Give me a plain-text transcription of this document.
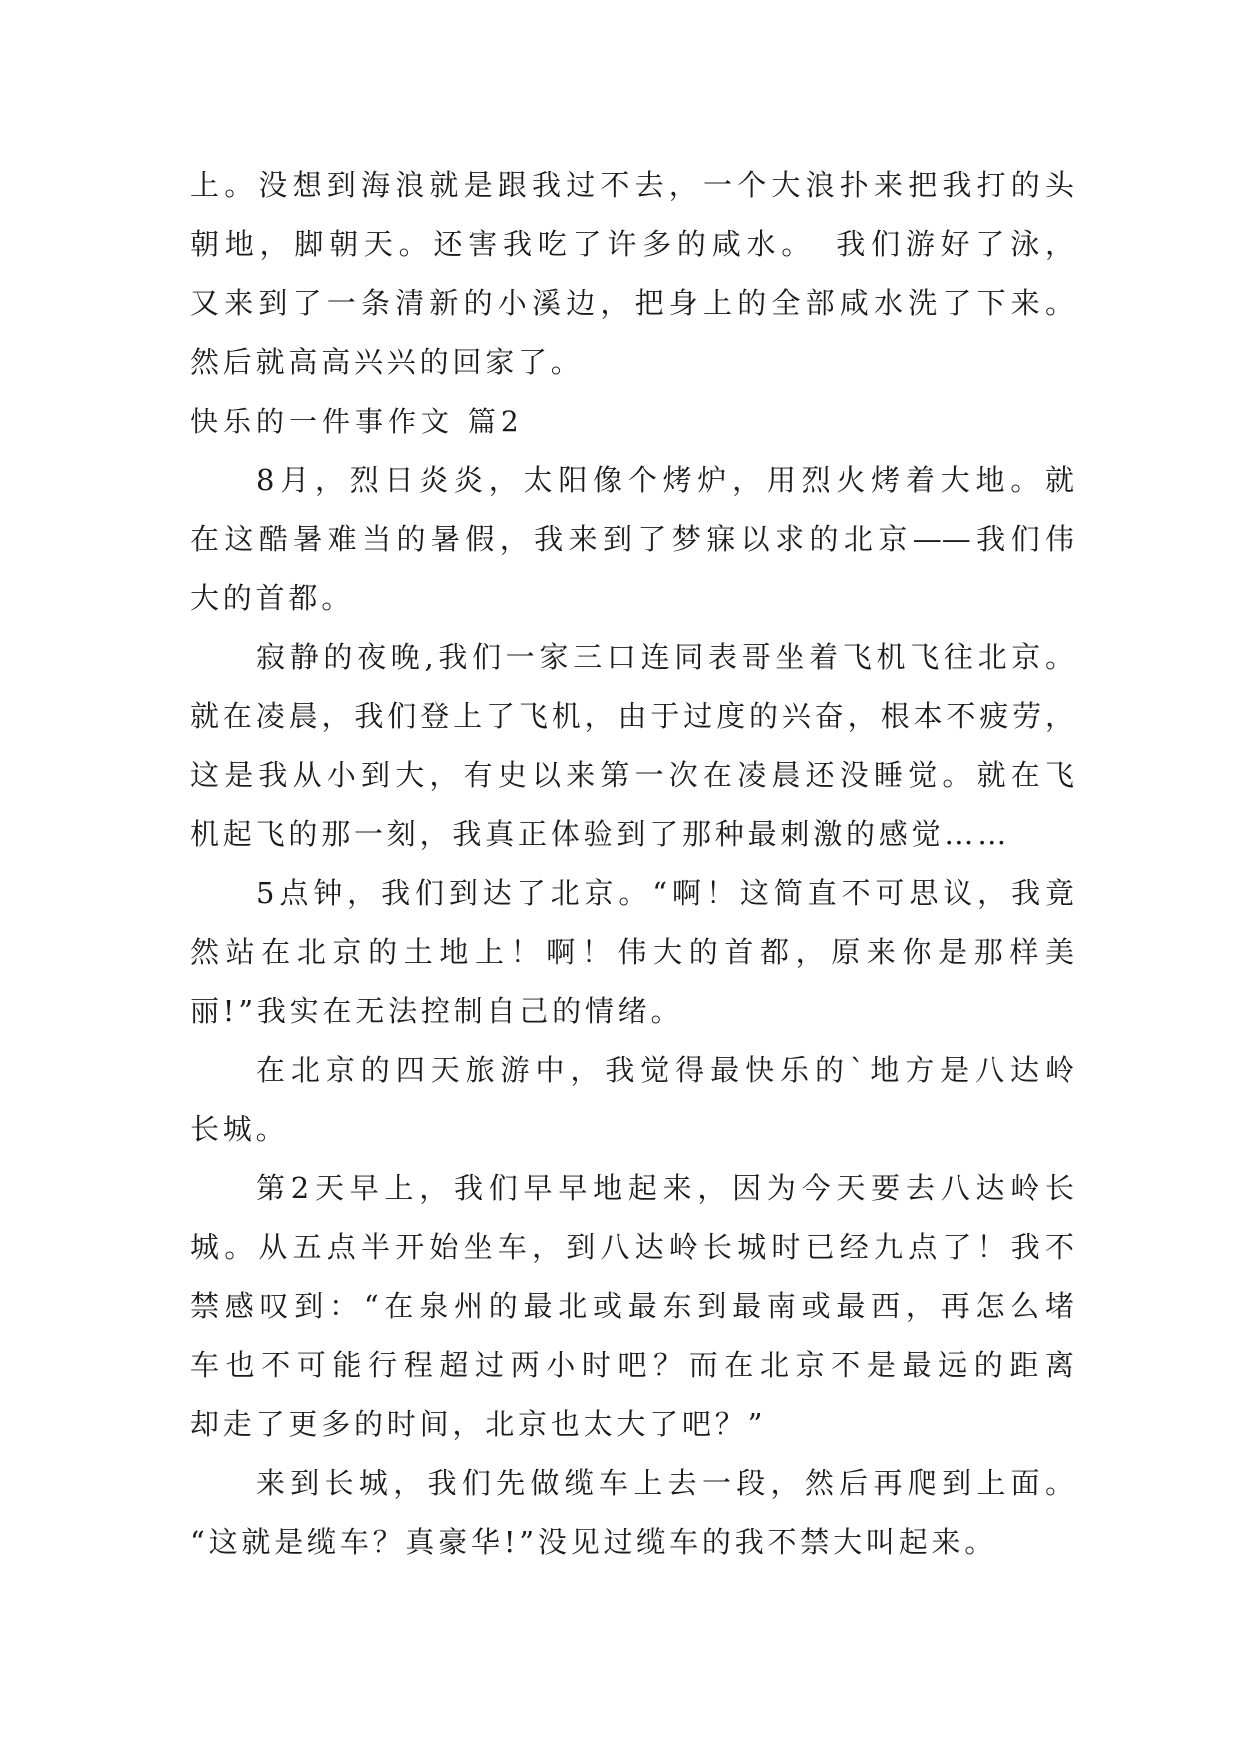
上。没想到海浪就是跟我过不去，一个大浪扑来把我打的头
朝地，脚朝天。还害我吃了许多的咸水。　我们游好了泳，
又来到了一条清新的小溪边，把身上的全部咸水洗了下来。
然后就高高兴兴的回家了。
快乐的一件事作文 篇2
8月，烈日炎炎，太阳像个烤炉，用烈火烤着大地。就
在这酷暑难当的暑假，我来到了梦寐以求的北京——我们伟
大的首都。
寂静的夜晚,我们一家三口连同表哥坐着飞机飞往北京。
就在凌晨，我们登上了飞机，由于过度的兴奋，根本不疲劳，
这是我从小到大，有史以来第一次在凌晨还没睡觉。就在飞
机起飞的那一刻，我真正体验到了那种最刺激的感觉……
5点钟，我们到达了北京。“啊！这简直不可思议，我竟
然站在北京的土地上！啊！伟大的首都，原来你是那样美
丽!”我实在无法控制自己的情绪。
在北京的四天旅游中，我觉得最快乐的`地方是八达岭
长城。
第2天早上，我们早早地起来，因为今天要去八达岭长
城。从五点半开始坐车，到八达岭长城时已经九点了！我不
禁感叹到：“在泉州的最北或最东到最南或最西，再怎么堵
车也不可能行程超过两小时吧？而在北京不是最远的距离
却走了更多的时间，北京也太大了吧？”
来到长城，我们先做缆车上去一段，然后再爬到上面。
“这就是缆车？真豪华!”没见过缆车的我不禁大叫起来。
